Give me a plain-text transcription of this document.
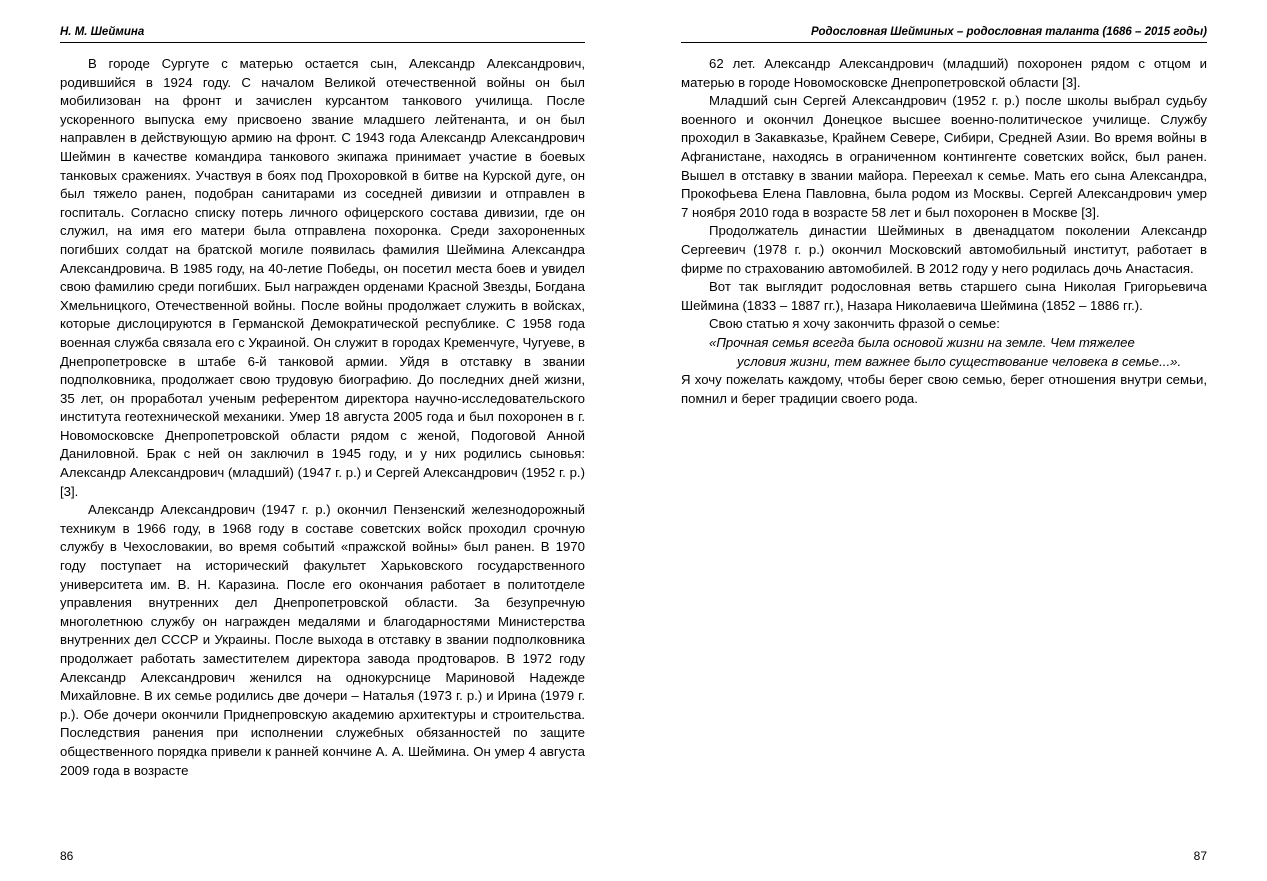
Н. М. Шеймина

В городе Сургуте с матерью остается сын, Александр Александрович, родившийся в 1924 году. С началом Великой отечественной войны он был мобилизован на фронт и зачислен курсантом танкового училища. После ускоренного выпуска ему присвоено звание младшего лейтенанта, и он был направлен в действующую армию на фронт. С 1943 года Александр Александрович Шеймин в качестве командира танкового экипажа принимает участие в боевых танковых сражениях. Участвуя в боях под Прохоровкой в битве на Курской дуге, он был тяжело ранен, подобран санитарами из соседней дивизии и отправлен в госпиталь. Согласно списку потерь личного офицерского состава дивизии, где он служил, на имя его матери была отправлена похоронка. Среди захороненных погибших солдат на братской могиле появилась фамилия Шеймина Александра Александровича. В 1985 году, на 40-летие Победы, он посетил места боев и увидел свою фамилию среди погибших. Был награжден орденами Красной Звезды, Богдана Хмельницкого, Отечественной войны. После войны продолжает служить в войсках, которые дислоцируются в Германской Демократической республике. С 1958 года военная служба связала его с Украиной. Он служит в городах Кременчуге, Чугуеве, в Днепропетровске в штабе 6-й танковой армии. Уйдя в отставку в звании подполковника, продолжает свою трудовую биографию. До последних дней жизни, 35 лет, он проработал ученым референтом директора научно-исследовательского института геотехнической механики. Умер 18 августа 2005 года и был похоронен в г. Новомосковске Днепропетровской области рядом с женой, Подоговой Анной Даниловной. Брак с ней он заключил в 1945 году, и у них родились сыновья: Александр Александрович (младший) (1947 г. р.) и Сергей Александрович (1952 г. р.) [3].

Александр Александрович (1947 г. р.) окончил Пензенский железнодорожный техникум в 1966 году, в 1968 году в составе советских войск проходил срочную службу в Чехословакии, во время событий «пражской войны» был ранен. В 1970 году поступает на исторический факультет Харьковского государственного университета им. В. Н. Каразина. После его окончания работает в политотделе управления внутренних дел Днепропетровской области. За безупречную многолетнюю службу он награжден медалями и благодарностями Министерства внутренних дел СССР и Украины. После выхода в отставку в звании подполковника продолжает работать заместителем директора завода продтоваров. В 1972 году Александр Александрович женился на однокурснице Мариновой Надежде Михайловне. В их семье родились две дочери – Наталья (1973 г. р.) и Ирина (1979 г. р.). Обе дочери окончили Приднепровскую академию архитектуры и строительства. Последствия ранения при исполнении служебных обязанностей по защите общественного порядка привели к ранней кончине А. А. Шеймина. Он умер 4 августа 2009 года в возрасте

86
Родословная Шейминых – родословная таланта (1686 – 2015 годы)

62 лет. Александр Александрович (младший) похоронен рядом с отцом и матерью в городе Новомосковске Днепропетровской области [3].

Младший сын Сергей Александрович (1952 г. р.) после школы выбрал судьбу военного и окончил Донецкое высшее военно-политическое училище. Службу проходил в Закавказье, Крайнем Севере, Сибири, Средней Азии. Во время войны в Афганистане, находясь в ограниченном контингенте советских войск, был ранен. Вышел в отставку в звании майора. Переехал к семье. Мать его сына Александра, Прокофьева Елена Павловна, была родом из Москвы. Сергей Александрович умер 7 ноября 2010 года в возрасте 58 лет и был похоронен в Москве [3].

Продолжатель династии Шейминых в двенадцатом поколении Александр Сергеевич (1978 г. р.) окончил Московский автомобильный институт, работает в фирме по страхованию автомобилей. В 2012 году у него родилась дочь Анастасия.

Вот так выглядит родословная ветвь старшего сына Николая Григорьевича Шеймина (1833 – 1887 гг.), Назара Николаевича Шеймина (1852 – 1886 гг.).

Свою статью я хочу закончить фразой о семье:

«Прочная семья всегда была основой жизни на земле. Чем тяжелее
условия жизни, тем важнее было существование человека в семье...».

Я хочу пожелать каждому, чтобы берег свою семью, берег отношения внутри семьи, помнил и берег традиции своего рода.

87
